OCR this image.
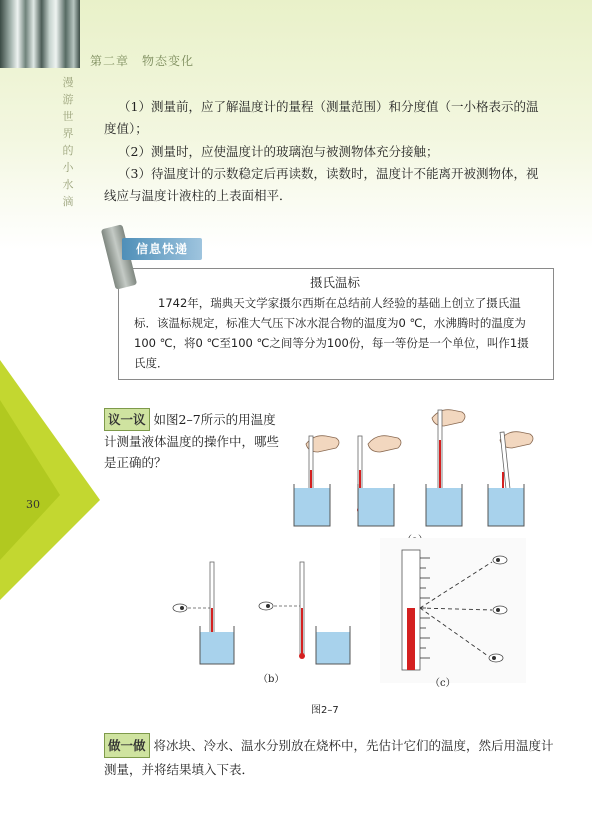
第二章　物态变化
漫
游
世
界
的
小
水
滴
30
（1）测量前，应了解温度计的量程（测量范围）和分度值（一小格表示的温度值）；
（2）测量时，应使温度计的玻璃泡与被测物体充分接触；
（3）待温度计的示数稳定后再读数，读数时，温度计不能离开被测物体，视线应与温度计液柱的上表面相平．
信息快递
摄氏温标
1742年，瑞典天文学家摄尔西斯在总结前人经验的基础上创立了摄氏温标．该温标规定，标准大气压下冰水混合物的温度为0 ℃，水沸腾时的温度为100 ℃，将0 ℃至100 ℃之间等分为100份，每一等份是一个单位，叫作1摄氏度．
议一议 如图2–7所示的用温度计测量液体温度的操作中，哪些是正确的？
（b）	（c）
图2–7
做一做 将冰块、冷水、温水分别放在烧杯中，先估计它们的温度，然后用温度计测量，并将结果填入下表．
